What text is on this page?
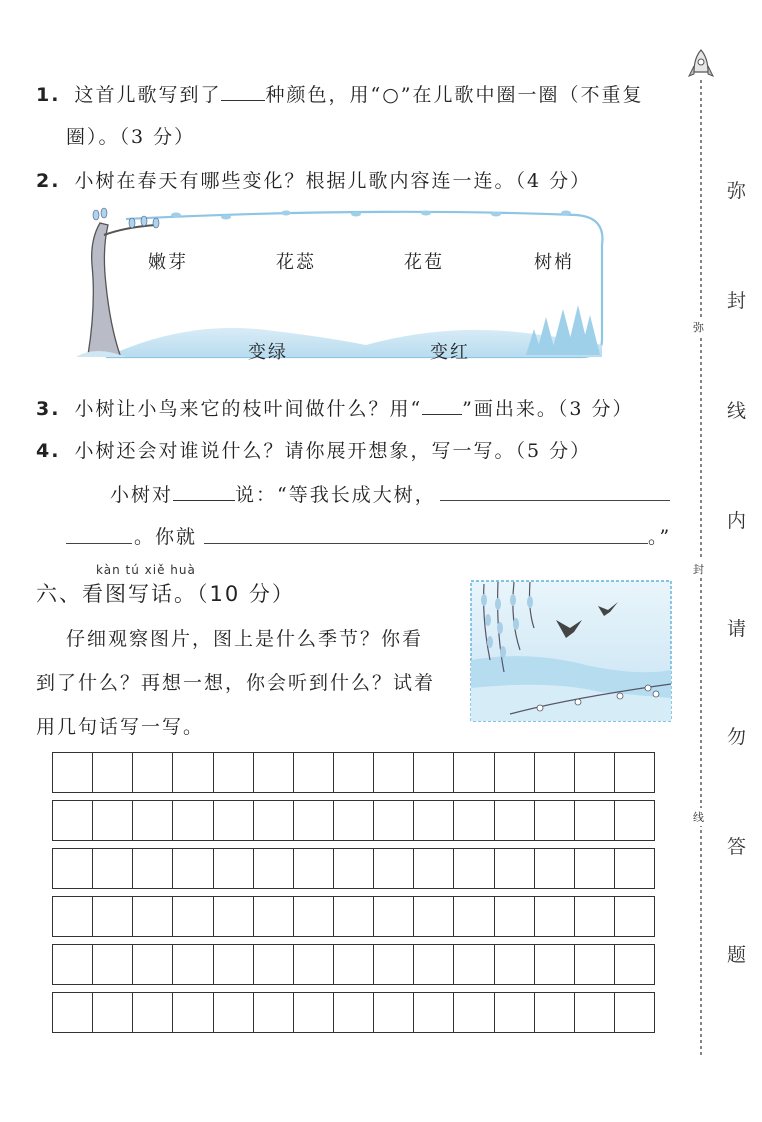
1. 这首儿歌写到了 种颜色，用“○”在儿歌中圈一圈（不重复
圈）。（3 分）
2. 小树在春天有哪些变化？根据儿歌内容连一连。（4 分）
嫩芽	花蕊	花苞	树梢
变绿	变红
3. 小树让小鸟来它的枝叶间做什么？用“ ”画出来。（3 分）
4. 小树还会对谁说什么？请你展开想象，写一写。（5 分）
小树对	说：“等我长成大树，
。你就	。”
kàn tú xiě huà
六、看图写话。（10 分）
仔细观察图片，图上是什么季节？你看
到了什么？再想一想，你会听到什么？试着
用几句话写一写。
弥
封
线
弥
封
线
内
请
勿
答
题
